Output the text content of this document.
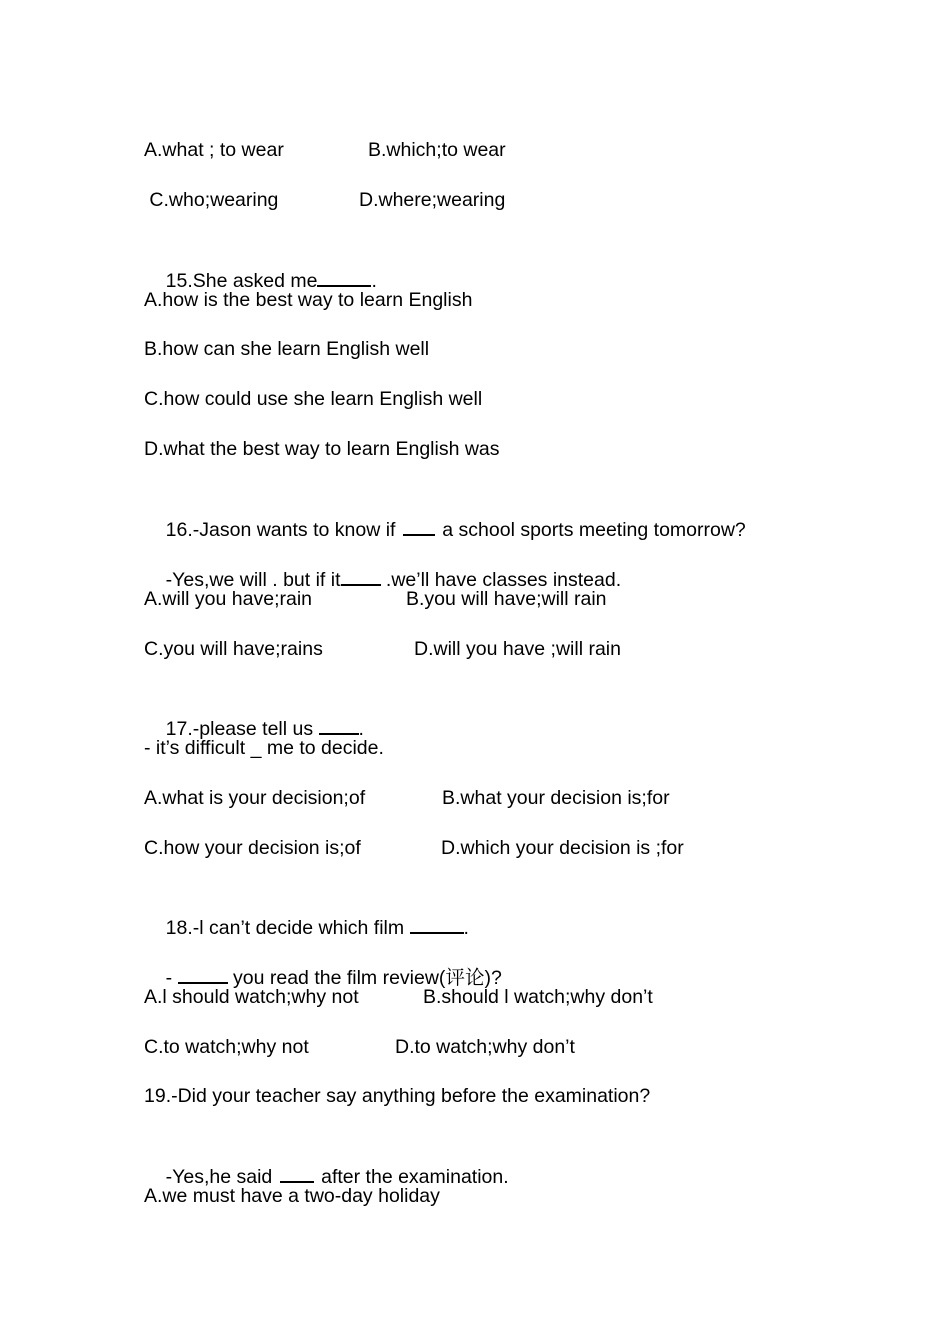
A.what ; to wear

	B.which;to wear

C.who;wearing

	D.where;wearing

15.She asked me	.

A.how is the best way to learn English
B.how can she learn English well
C.how could use she learn English well
D.what the best way to learn English was

16.-Jason wants to know if  a school sports meeting tomorrow?

-Yes,we will . but if it .we’ll have classes instead.

A.will you have;rain

	B.you will have;will rain

C.you will have;rains

	D.will you have ;will rain

17.-please tell us .

- it’s difficult _ me to decide.

A.what is your decision;of

	B.what your decision is;for

C.how your decision is;of

	D.which your decision is ;for

18.-l can’t decide which film	.

-	you read the film review(评论)?

A.l should watch;why not

	B.should l watch;why don’t

C.to watch;why not

	D.to watch;why don’t

19.-Did your teacher say anything before the examination?

-Yes,he said  after the examination.

A.we must have a two-day holiday
